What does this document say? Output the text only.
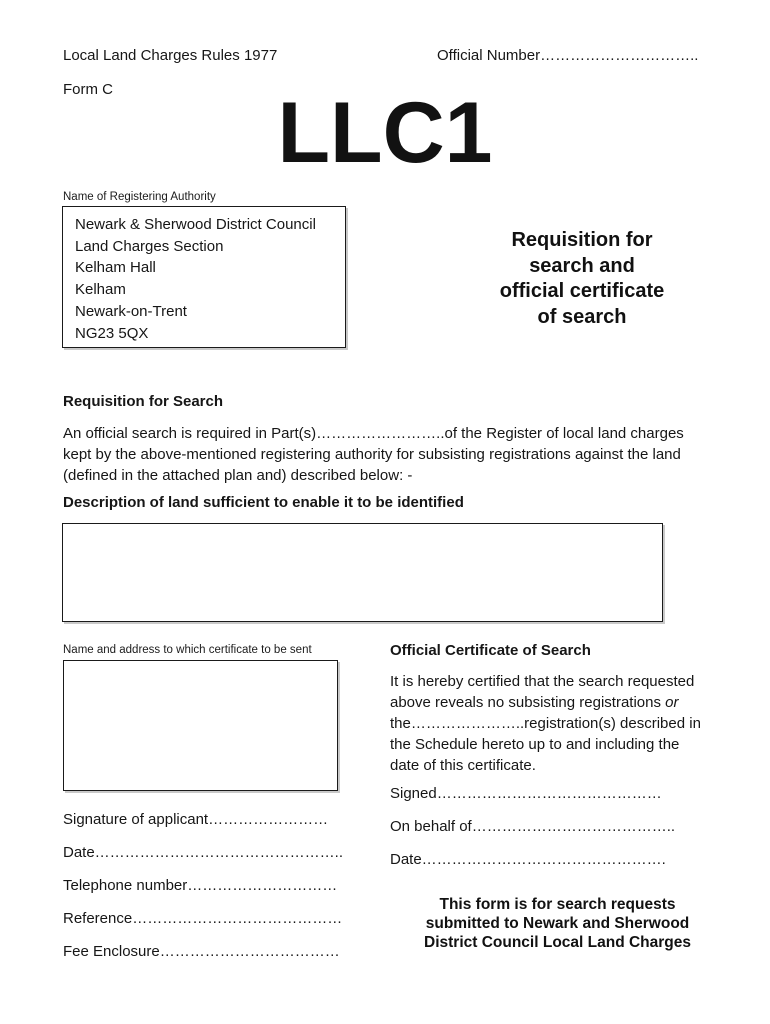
Local Land Charges Rules 1977	Official Number…………………………..
Form C	LLC1
Name of Registering Authority
Newark & Sherwood District Council
Land Charges Section
Kelham Hall
Kelham
Newark-on-Trent
NG23 5QX
Requisition for
search and
official certificate
of search
Requisition for Search
An official search is required in Part(s)……………………..of the Register of local land charges
kept by the above-mentioned registering authority for subsisting registrations against the land
(defined in the attached plan and) described below: -
Description of land sufficient to enable it to be identified
Name and address to which certificate to be sent
Signature of applicant……………………
Date…………………………………………..
Telephone number…………………………
Reference……………………………………
Fee Enclosure………………………………
Official Certificate of Search
It is hereby certified that the search requested
above reveals no subsisting registrations or
the…………………..registration(s) described in
the Schedule hereto up to and including the
date of this certificate.
Signed………………………………………
On behalf of…………………………………..
Date………………………………………….
This form is for search requests
submitted to Newark and Sherwood
District Council Local Land Charges
